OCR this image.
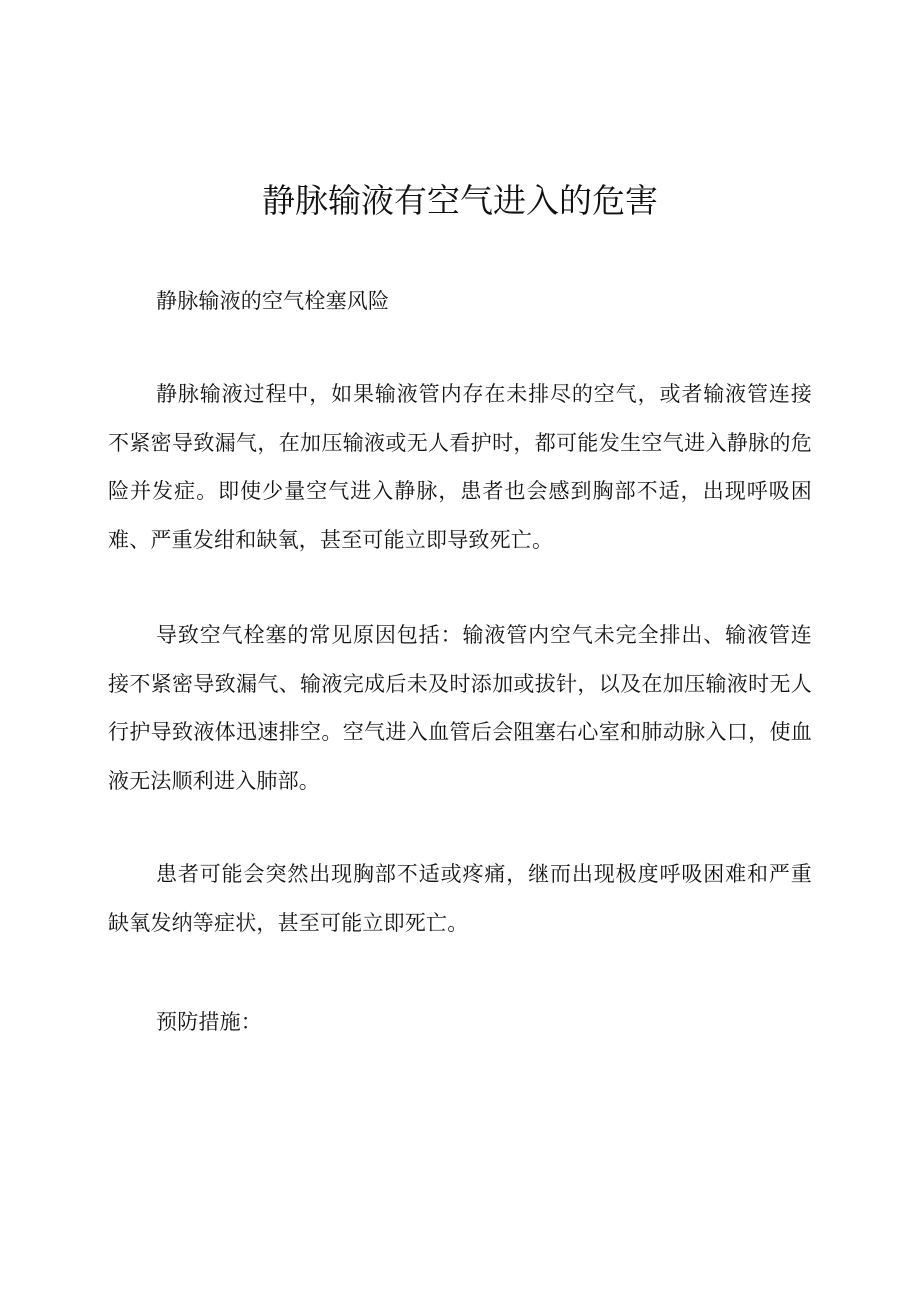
静脉输液有空气进入的危害

静脉输液的空气栓塞风险

静脉输液过程中，如果输液管内存在未排尽的空气，或者输液管连接不紧密导致漏气，在加压输液或无人看护时，都可能发生空气进入静脉的危险并发症。即使少量空气进入静脉，患者也会感到胸部不适，出现呼吸困难、严重发绀和缺氧，甚至可能立即导致死亡。

导致空气栓塞的常见原因包括：输液管内空气未完全排出、输液管连接不紧密导致漏气、输液完成后未及时添加或拔针，以及在加压输液时无人行护导致液体迅速排空。空气进入血管后会阻塞右心室和肺动脉入口，使血液无法顺利进入肺部。

患者可能会突然出现胸部不适或疼痛，继而出现极度呼吸困难和严重缺氧发纳等症状，甚至可能立即死亡。

预防措施：
